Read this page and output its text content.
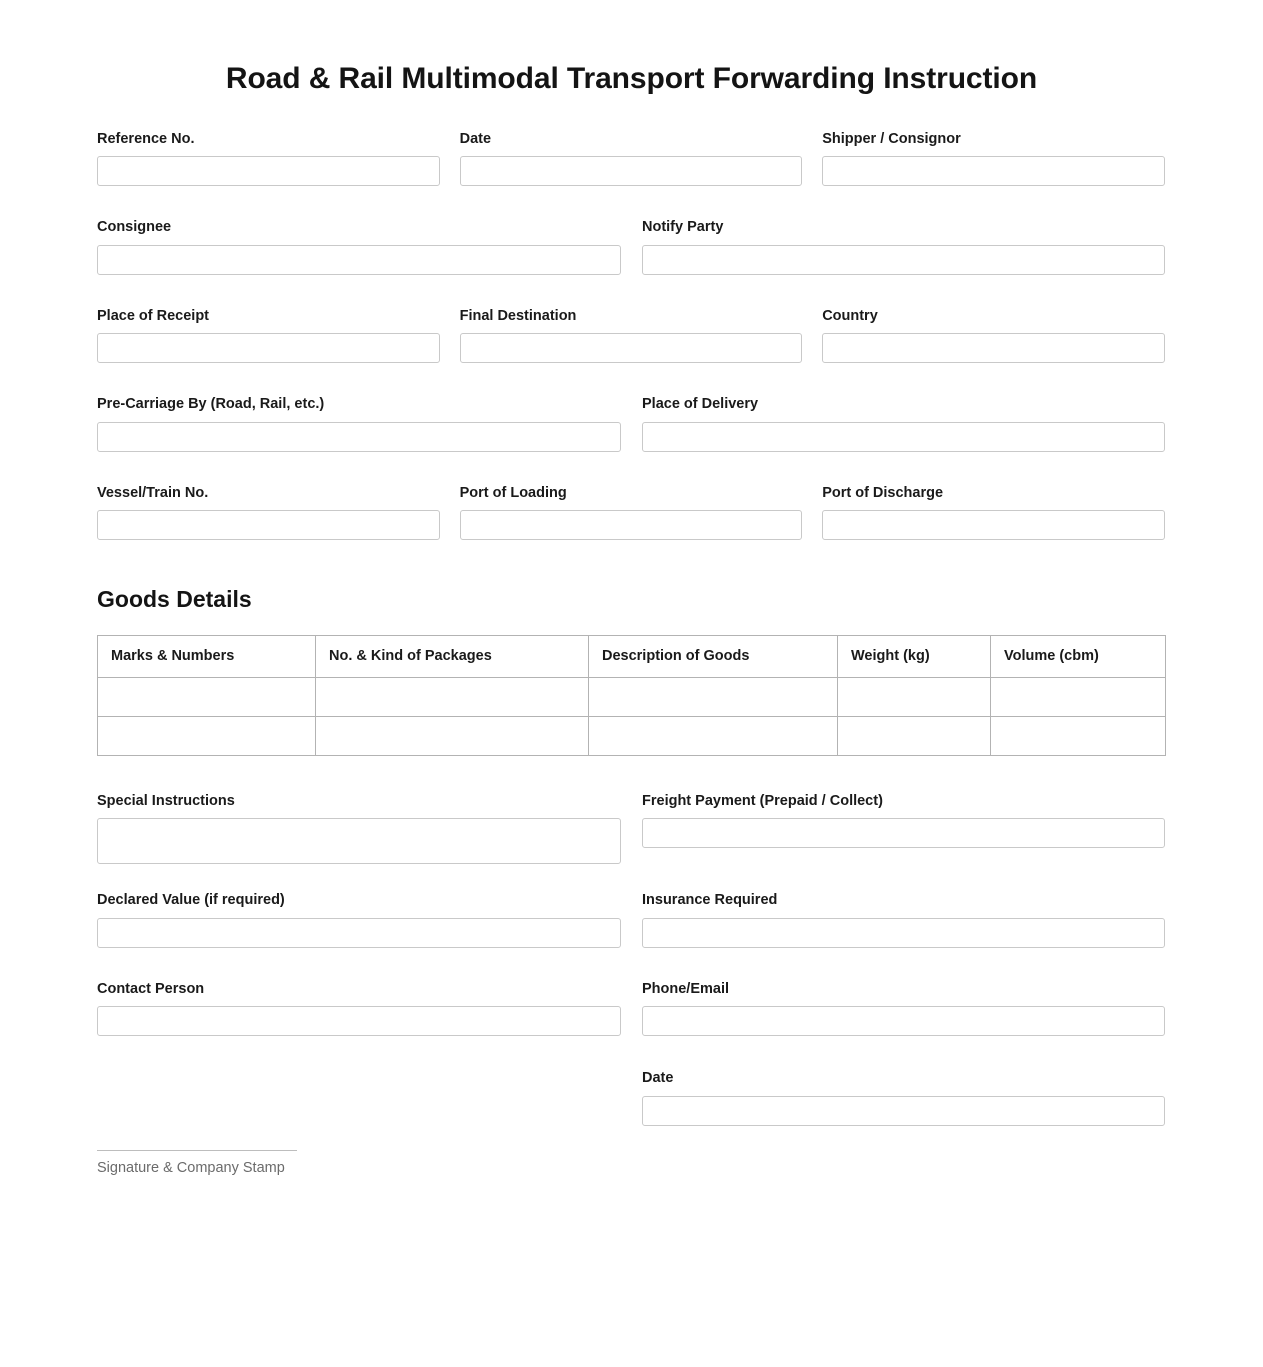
Road & Rail Multimodal Transport Forwarding Instruction
Reference No.	Date	Shipper / Consignor
Consignee	Notify Party
Place of Receipt	Final Destination	Country
Pre-Carriage By (Road, Rail, etc.)	Place of Delivery
Vessel/Train No.	Port of Loading	Port of Discharge
Goods Details
Marks & Numbers	No. & Kind of Packages	Description of Goods	Weight (kg)	Volume (cbm)

Special Instructions	Freight Payment (Prepaid / Collect)
Declared Value (if required)	Insurance Required
Contact Person	Phone/Email
Date
Signature & Company Stamp
